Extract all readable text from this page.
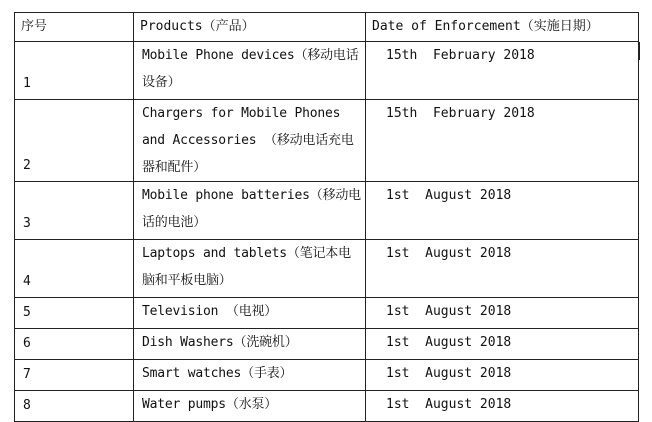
序号	Products（产品）	Date of Enforcement（实施日期）
1	Mobile Phone devices（移动电话设备）	15th  February 2018
2	Chargers for Mobile Phones and Accessories （移动电话充电器和配件）	15th  February 2018
3	Mobile phone batteries（移动电话的电池）	1st  August 2018
4	Laptops and tablets（笔记本电脑和平板电脑）	1st  August 2018
5	Television （电视）	1st  August 2018
6	Dish Washers（洗碗机）	1st  August 2018
7	Smart watches（手表）	1st  August 2018
8	Water pumps（水泵）	1st  August 2018
